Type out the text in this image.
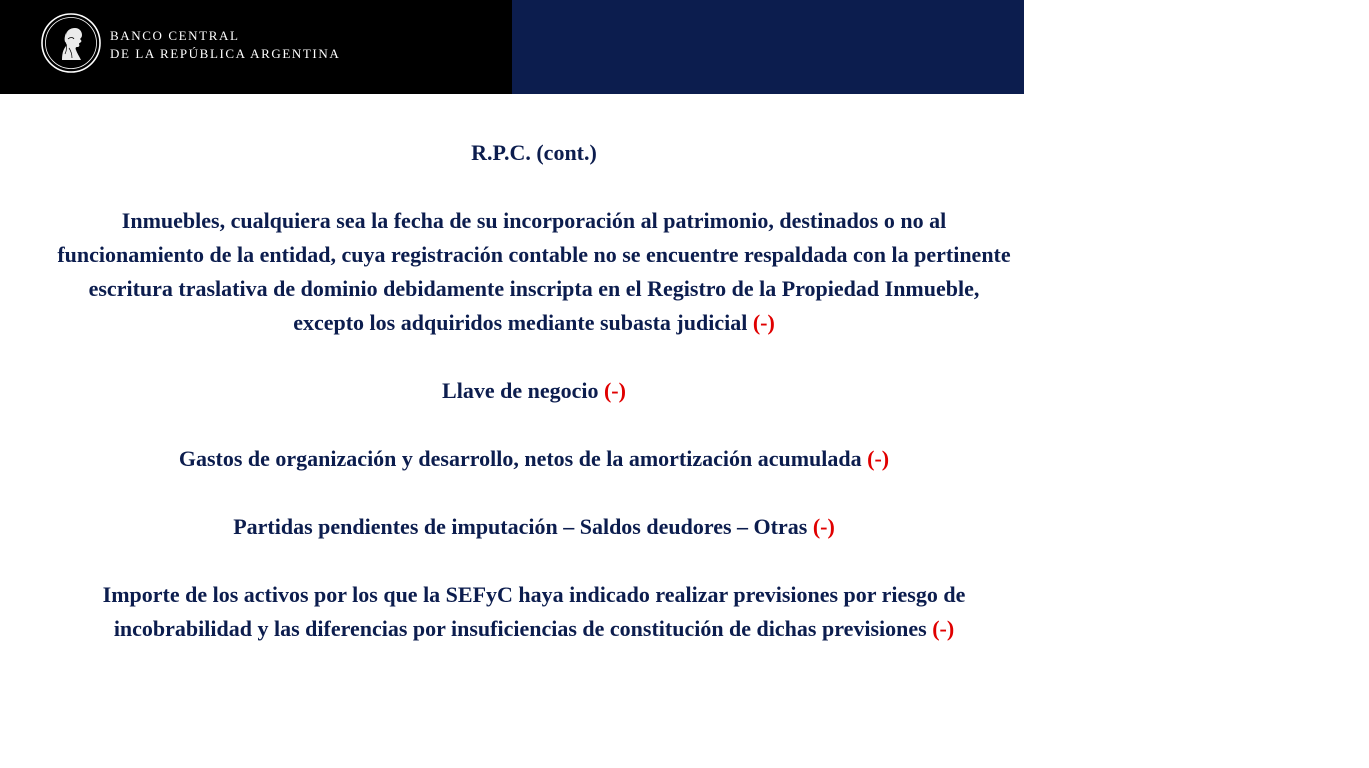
BANCO CENTRAL
DE LA REPÚBLICA ARGENTINA
Inmovilización de activos y otros conceptos
Cajas de crédito cooperativas (Ley 23.176)

R.P.C. (cont.)

Inmuebles, cualquiera sea la fecha de su incorporación al patrimonio, destinados o no al funcionamiento de la entidad, cuya registración contable no se encuentre respaldada con la pertinente escritura traslativa de dominio debidamente inscripta en el Registro de la Propiedad Inmueble, excepto los adquiridos mediante subasta judicial (-)

Llave de negocio (-)

Gastos de organización y desarrollo, netos de la amortización acumulada (-)

Partidas pendientes de imputación – Saldos deudores – Otras (-)

Importe de los activos por los que la SEFyC haya indicado realizar previsiones por riesgo de incobrabilidad y las diferencias por insuficiencias de constitución de dichas previsiones (-)
